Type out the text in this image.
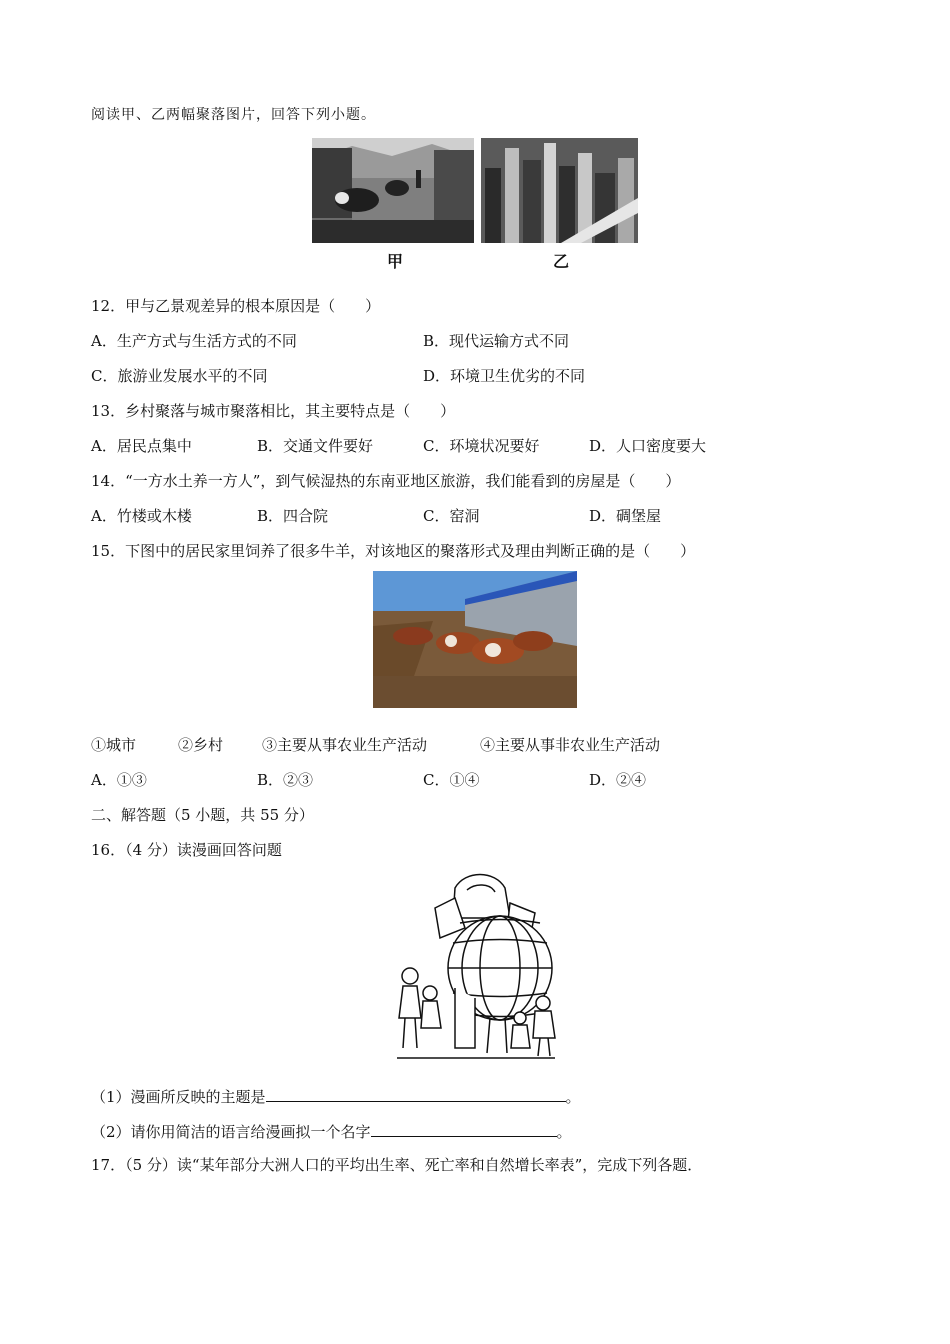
阅读甲、乙两幅聚落图片，回答下列小题。
甲	乙
12．甲与乙景观差异的根本原因是（　　）
A．生产方式与生活方式的不同	B．现代运输方式不同
C．旅游业发展水平的不同	D．环境卫生优劣的不同
13．乡村聚落与城市聚落相比，其主要特点是（　　）
A．居民点集中	B．交通文件要好	C．环境状况要好	D．人口密度要大
14．“一方水土养一方人”，到气候湿热的东南亚地区旅游，我们能看到的房屋是（　　）
A．竹楼或木楼	B．四合院	C．窑洞	D．碉堡屋
15．下图中的居民家里饲养了很多牛羊，对该地区的聚落形式及理由判断正确的是（　　）
①城市	②乡村	③主要从事农业生产活动	④主要从事非农业生产活动
A．①③	B．②③	C．①④	D．②④
二、解答题（5 小题，共 55 分）
16．（4 分）读漫画回答问题
（1）漫画所反映的主题是	。
（2）请你用简洁的语言给漫画拟一个名字	。
17．（5 分）读“某年部分大洲人口的平均出生率、死亡率和自然增长率表”，完成下列各题．
